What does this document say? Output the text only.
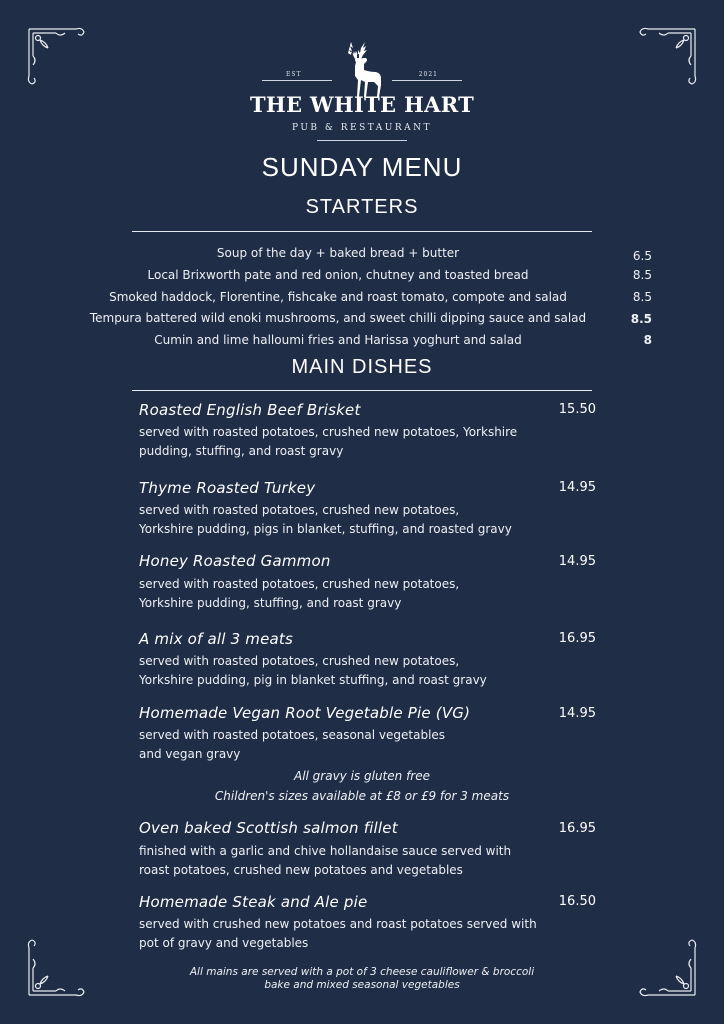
EST	2021
THE WHITE HART
PUB & RESTAURANT
SUNDAY MENU
STARTERS
Soup of the day + baked bread + butter	6.5
Local Brixworth pate and red onion, chutney and toasted bread	8.5
Smoked haddock, Florentine, fishcake and roast tomato, compote and salad	8.5
Tempura battered wild enoki mushrooms, and sweet chilli dipping sauce and salad	8.5
Cumin and lime halloumi fries and Harissa yoghurt and salad	8
MAIN DISHES
Roasted English Beef Brisket	15.50
served with roasted potatoes, crushed new potatoes, Yorkshire
pudding, stuffing, and roast gravy
Thyme Roasted Turkey	14.95
served with roasted potatoes, crushed new potatoes,
Yorkshire pudding, pigs in blanket, stuffing, and roasted gravy
Honey Roasted Gammon	14.95
served with roasted potatoes, crushed new potatoes,
Yorkshire pudding, stuffing, and roast gravy
A mix of all 3 meats	16.95
served with roasted potatoes, crushed new potatoes,
Yorkshire pudding, pig in blanket stuffing, and roast gravy
Homemade Vegan Root Vegetable Pie (VG)	14.95
served with roasted potatoes, seasonal vegetables
and vegan gravy
All gravy is gluten free
Children's sizes available at £8 or £9 for 3 meats
Oven baked Scottish salmon fillet	16.95
finished with a garlic and chive hollandaise sauce served with
roast potatoes, crushed new potatoes and vegetables
Homemade Steak and Ale pie	16.50
served with crushed new potatoes and roast potatoes served with
pot of gravy and vegetables
All mains are served with a pot of 3 cheese cauliflower & broccoli
bake and mixed seasonal vegetables
